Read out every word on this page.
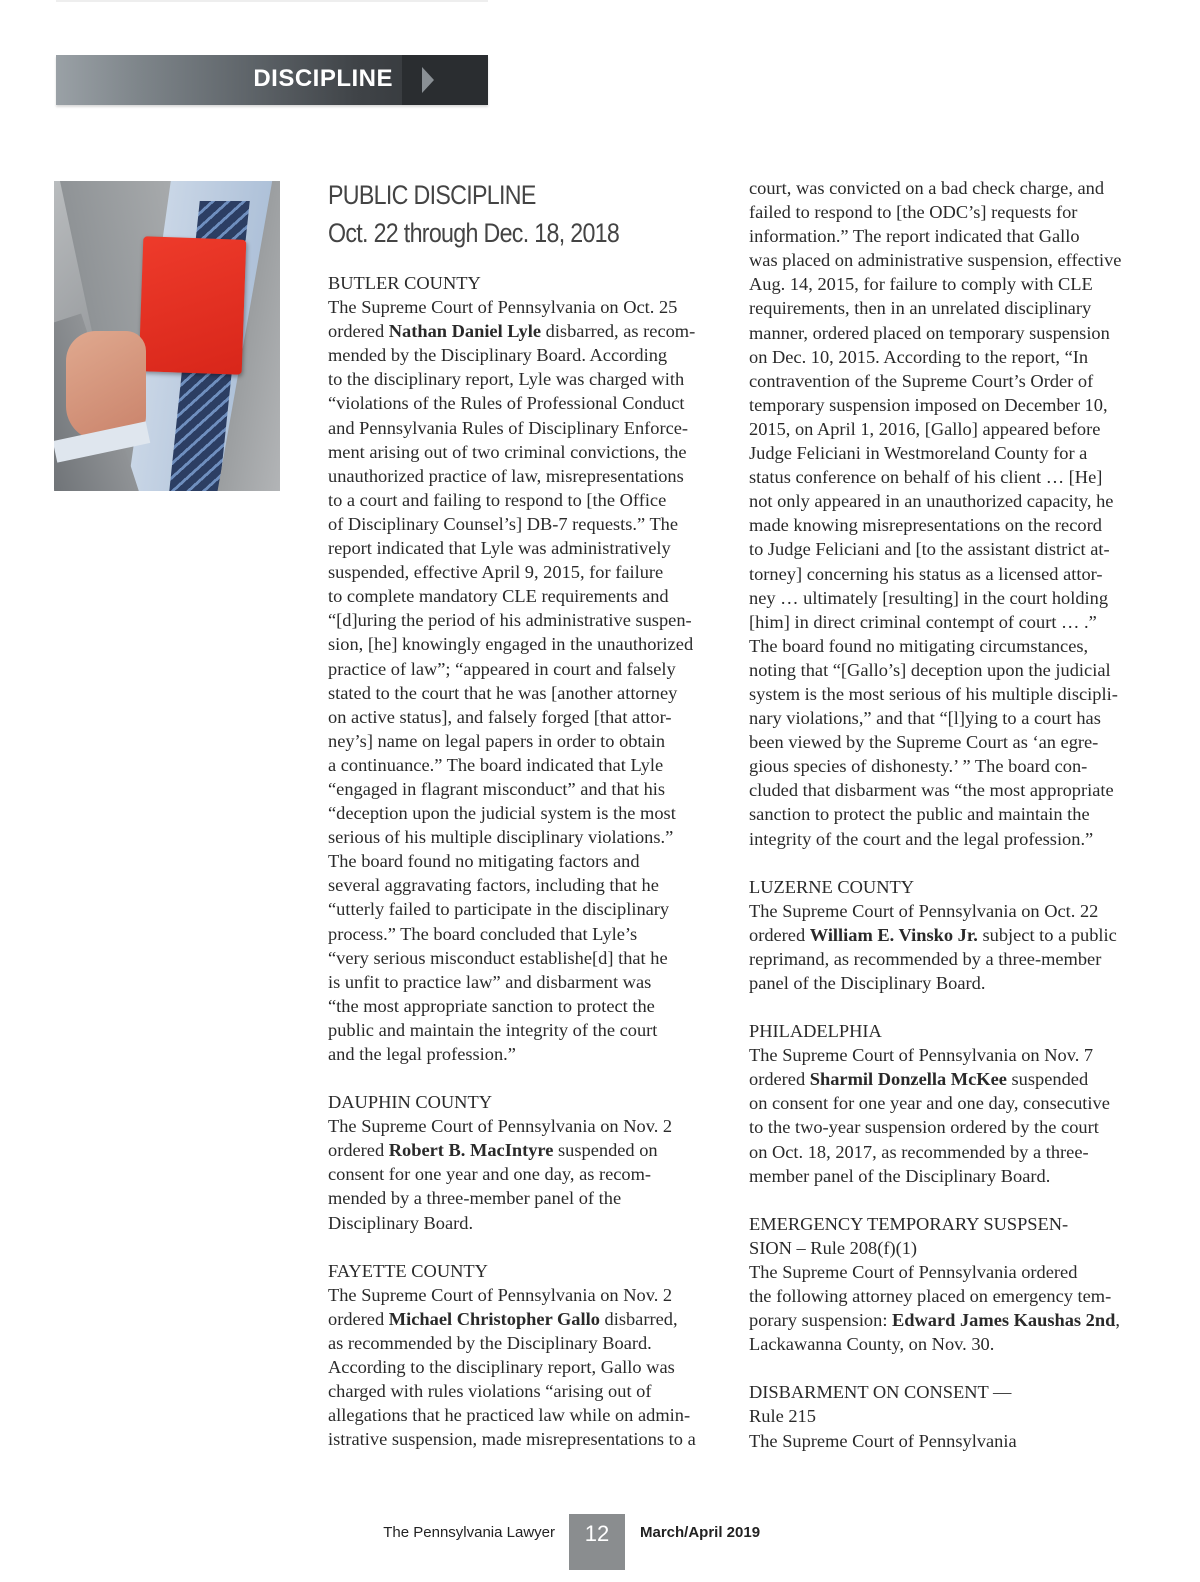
DISCIPLINE
PUBLIC DISCIPLINE
Oct. 22 through Dec. 18, 2018
BUTLER COUNTY
The Supreme Court of Pennsylvania on Oct. 25
ordered Nathan Daniel Lyle disbarred, as recom-
mended by the Disciplinary Board. According
to the disciplinary report, Lyle was charged with
“violations of the Rules of Professional Conduct
and Pennsylvania Rules of Disciplinary Enforce-
ment arising out of two criminal convictions, the
unauthorized practice of law, misrepresentations
to a court and failing to respond to [the Office
of Disciplinary Counsel’s] DB-7 requests.” The
report indicated that Lyle was administratively
suspended, effective April 9, 2015, for failure
to complete mandatory CLE requirements and
“[d]uring the period of his administrative suspen-
sion, [he] knowingly engaged in the unauthorized
practice of law”; “appeared in court and falsely
stated to the court that he was [another attorney
on active status], and falsely forged [that attor-
ney’s] name on legal papers in order to obtain
a continuance.” The board indicated that Lyle
“engaged in flagrant misconduct” and that his
“deception upon the judicial system is the most
serious of his multiple disciplinary violations.”
The board found no mitigating factors and
several aggravating factors, including that he
“utterly failed to participate in the disciplinary
process.” The board concluded that Lyle’s
“very serious misconduct establishe[d] that he
is unfit to practice law” and disbarment was
“the most appropriate sanction to protect the
public and maintain the integrity of the court
and the legal profession.”
DAUPHIN COUNTY
The Supreme Court of Pennsylvania on Nov. 2
ordered Robert B. MacIntyre suspended on
consent for one year and one day, as recom-
mended by a three-member panel of the
Disciplinary Board.
FAYETTE COUNTY
The Supreme Court of Pennsylvania on Nov. 2
ordered Michael Christopher Gallo disbarred,
as recommended by the Disciplinary Board.
According to the disciplinary report, Gallo was
charged with rules violations “arising out of
allegations that he practiced law while on admin-
istrative suspension, made misrepresentations to a
court, was convicted on a bad check charge, and
failed to respond to [the ODC’s] requests for
information.” The report indicated that Gallo
was placed on administrative suspension, effective
Aug. 14, 2015, for failure to comply with CLE
requirements, then in an unrelated disciplinary
manner, ordered placed on temporary suspension
on Dec. 10, 2015. According to the report, “In
contravention of the Supreme Court’s Order of
temporary suspension imposed on December 10,
2015, on April 1, 2016, [Gallo] appeared before
Judge Feliciani in Westmoreland County for a
status conference on behalf of his client … [He]
not only appeared in an unauthorized capacity, he
made knowing misrepresentations on the record
to Judge Feliciani and [to the assistant district at-
torney] concerning his status as a licensed attor-
ney … ultimately [resulting] in the court holding
[him] in direct criminal contempt of court … .”
The board found no mitigating circumstances,
noting that “[Gallo’s] deception upon the judicial
system is the most serious of his multiple discipli-
nary violations,” and that “[l]ying to a court has
been viewed by the Supreme Court as ‘an egre-
gious species of dishonesty.’ ” The board con-
cluded that disbarment was “the most appropriate
sanction to protect the public and maintain the
integrity of the court and the legal profession.”
LUZERNE COUNTY
The Supreme Court of Pennsylvania on Oct. 22
ordered William E. Vinsko Jr. subject to a public
reprimand, as recommended by a three-member
panel of the Disciplinary Board.
PHILADELPHIA
The Supreme Court of Pennsylvania on Nov. 7
ordered Sharmil Donzella McKee suspended
on consent for one year and one day, consecutive
to the two-year suspension ordered by the court
on Oct. 18, 2017, as recommended by a three-
member panel of the Disciplinary Board.
EMERGENCY TEMPORARY SUSPSEN-
SION – Rule 208(f)(1)
The Supreme Court of Pennsylvania ordered
the following attorney placed on emergency tem-
porary suspension: Edward James Kaushas 2nd,
Lackawanna County, on Nov. 30.
DISBARMENT ON CONSENT —
Rule 215
The Supreme Court of Pennsylvania
The Pennsylvania Lawyer	12	March/April 2019
